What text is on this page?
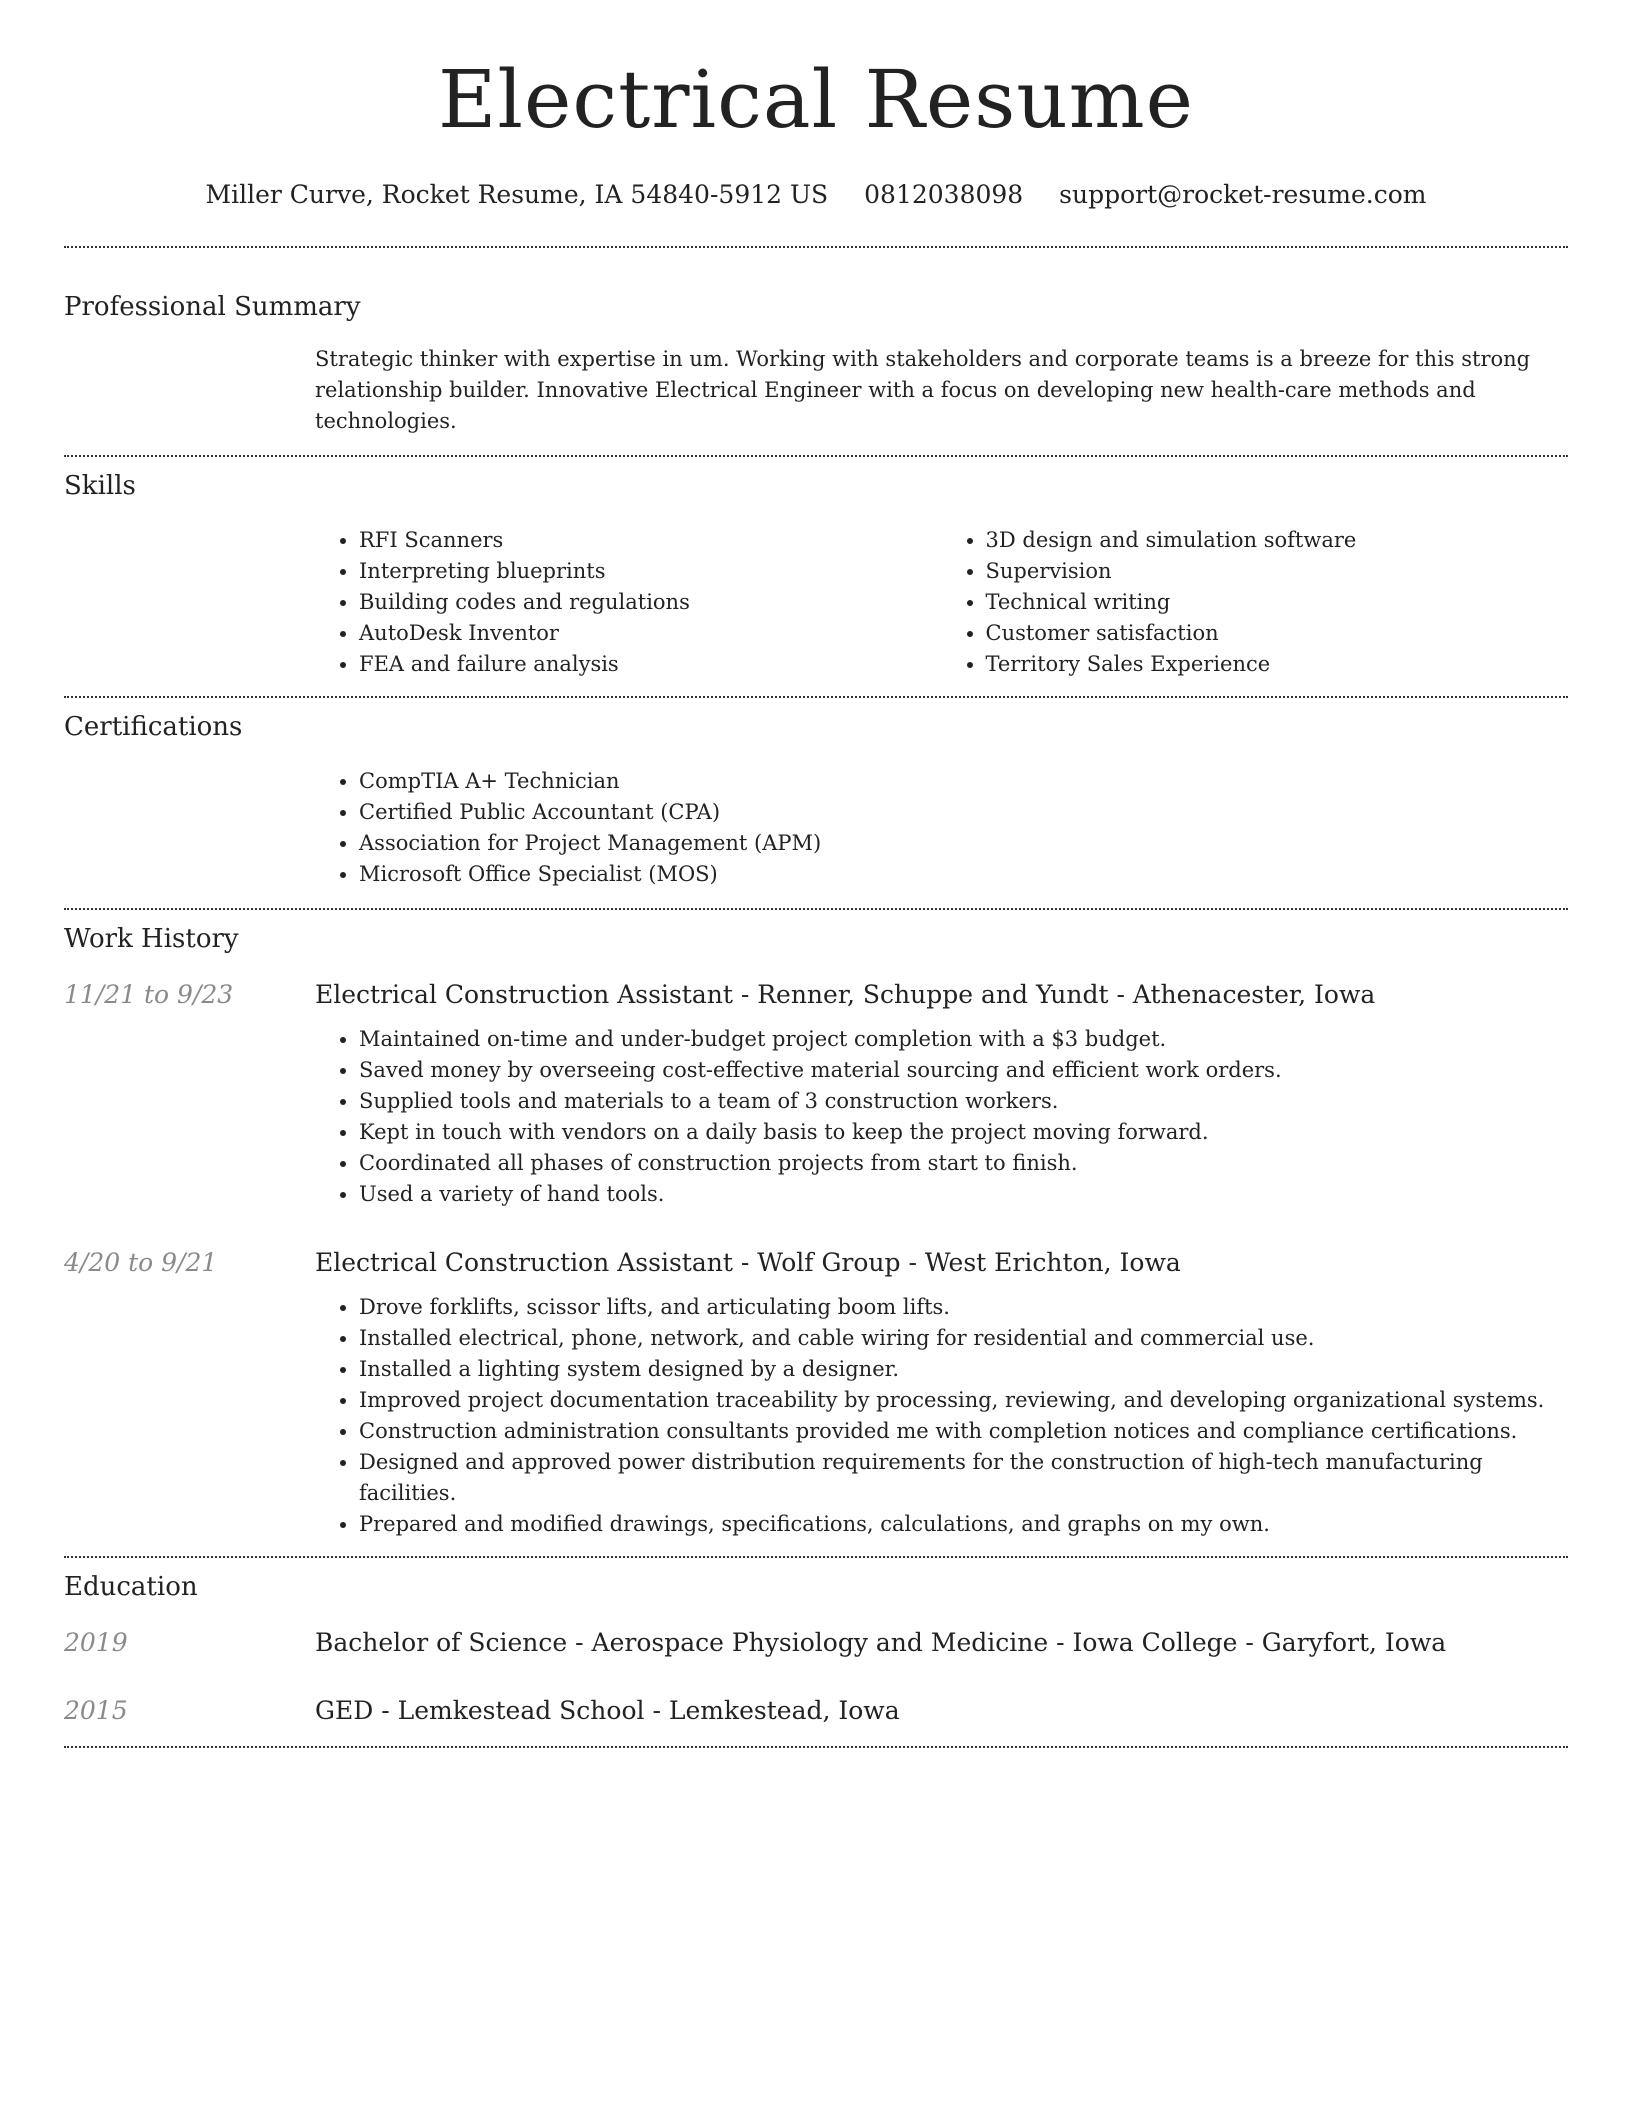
Electrical Resume
Miller Curve, Rocket Resume, IA 54840-5912 US 0812038098 support@rocket-resume.com
Professional Summary

Strategic thinker with expertise in um. Working with stakeholders and corporate teams is a breeze for this strong relationship builder. Innovative Electrical Engineer with a focus on developing new health-care methods and technologies.

Skills
• RFI Scanners
• Interpreting blueprints
• Building codes and regulations
• AutoDesk Inventor
• FEA and failure analysis
• 3D design and simulation software
• Supervision
• Technical writing
• Customer satisfaction
• Territory Sales Experience
Certifications
• CompTIA A+ Technician
• Certified Public Accountant (CPA)
• Association for Project Management (APM)
• Microsoft Office Specialist (MOS)
Work History
11/21 to 9/23	Electrical Construction Assistant - Renner, Schuppe and Yundt - Athenacester, Iowa
• Maintained on-time and under-budget project completion with a $3 budget.
• Saved money by overseeing cost-effective material sourcing and efficient work orders.
• Supplied tools and materials to a team of 3 construction workers.
• Kept in touch with vendors on a daily basis to keep the project moving forward.
• Coordinated all phases of construction projects from start to finish.
• Used a variety of hand tools.
4/20 to 9/21	Electrical Construction Assistant - Wolf Group - West Erichton, Iowa
• Drove forklifts, scissor lifts, and articulating boom lifts.
• Installed electrical, phone, network, and cable wiring for residential and commercial use.
• Installed a lighting system designed by a designer.
• Improved project documentation traceability by processing, reviewing, and developing organizational systems.
• Construction administration consultants provided me with completion notices and compliance certifications.
• Designed and approved power distribution requirements for the construction of high-tech manufacturing facilities.
• Prepared and modified drawings, specifications, calculations, and graphs on my own.
Education
2019	Bachelor of Science - Aerospace Physiology and Medicine - Iowa College - Garyfort, Iowa
2015	GED - Lemkestead School - Lemkestead, Iowa
